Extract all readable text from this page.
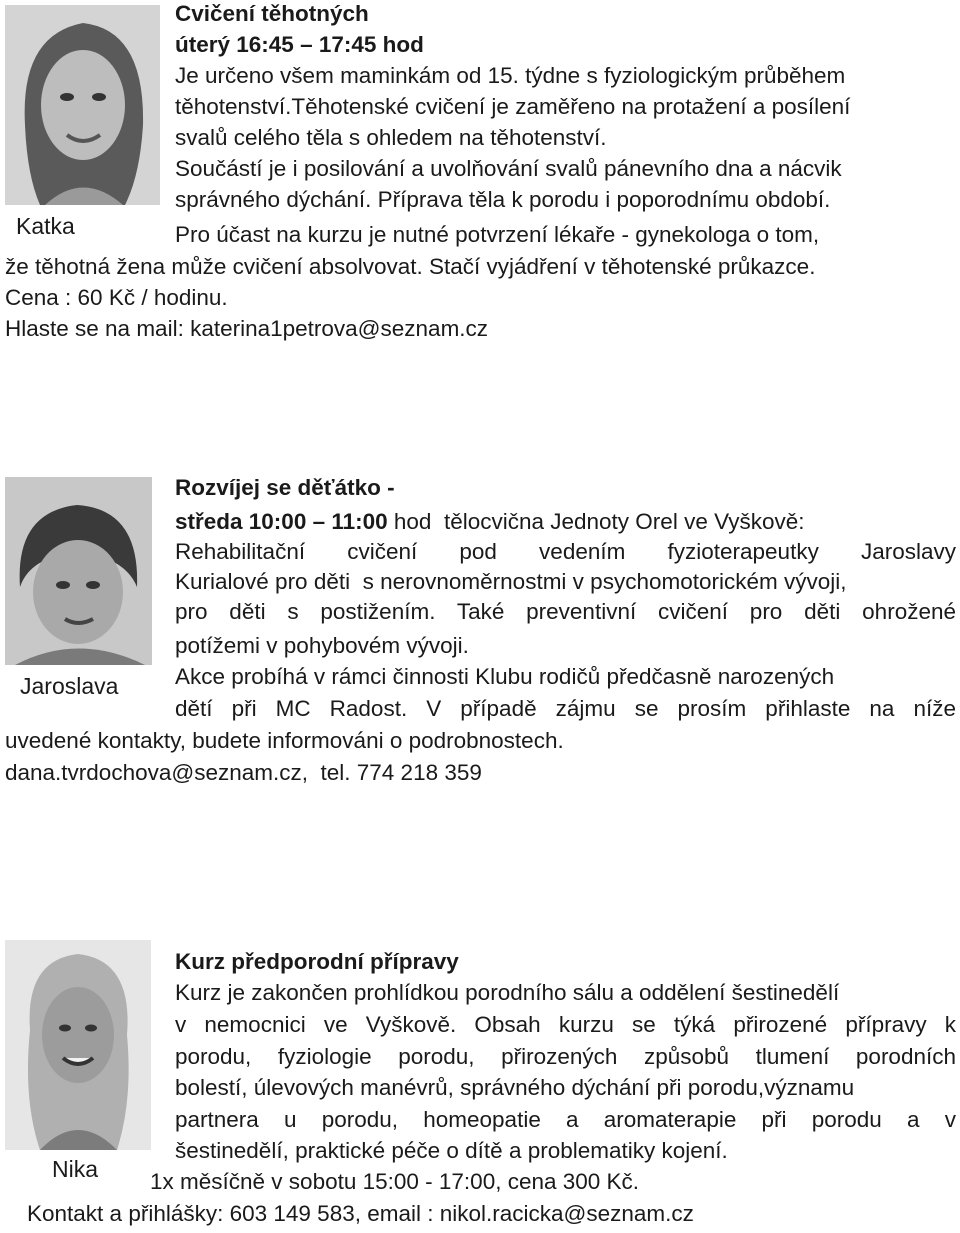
Katka
Cvičení těhotných
úterý 16:45 – 17:45 hod
Je určeno všem maminkám od 15. týdne s fyziologickým průběhem
těhotenství.Těhotenské cvičení je zaměřeno na protažení a posílení
svalů celého těla s ohledem na těhotenství.
Součástí je i posilování a uvolňování svalů pánevního dna a nácvik
správného dýchání. Příprava těla k porodu i poporodnímu období.
Pro účast na kurzu je nutné potvrzení lékaře - gynekologa o tom,
že těhotná žena může cvičení absolvovat. Stačí vyjádření v těhotenské průkazce.
Cena : 60 Kč / hodinu.
Hlaste se na mail: katerina1petrova@seznam.cz
Jaroslava
Rozvíjej se děťátko -
středa 10:00 – 11:00 hod  tělocvična Jednoty Orel ve Vyškově:
Rehabilitační cvičení pod vedením fyzioterapeutky Jaroslavy
Kurialové pro děti  s nerovnoměrnostmi v psychomotorickém vývoji,
pro děti s postižením. Také preventivní cvičení pro děti ohrožené
potížemi v pohybovém vývoji.
Akce probíhá v rámci činnosti Klubu rodičů předčasně narozených
dětí při MC Radost. V případě zájmu se prosím přihlaste na níže
uvedené kontakty, budete informováni o podrobnostech.
dana.tvrdochova@seznam.cz,  tel. 774 218 359
Nika
Kurz předporodní přípravy
Kurz je zakončen prohlídkou porodního sálu a oddělení šestinedělí
v nemocnici ve Vyškově. Obsah kurzu se týká přirozené přípravy k
porodu, fyziologie porodu, přirozených způsobů tlumení porodních
bolestí, úlevových manévrů, správného dýchání při porodu,významu
partnera u porodu, homeopatie a aromaterapie při porodu a v
šestinedělí, praktické péče o dítě a problematiky kojení.
1x měsíčně v sobotu 15:00 - 17:00, cena 300 Kč.
Kontakt a přihlášky: 603 149 583, email : nikol.racicka@seznam.cz
